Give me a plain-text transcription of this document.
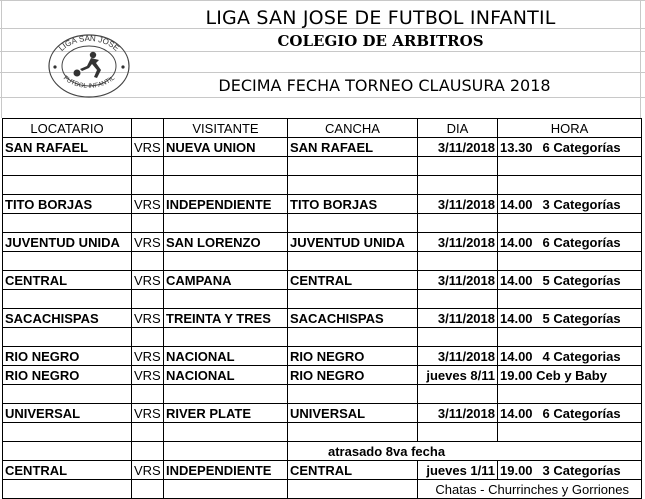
LIGA SAN JOSE DE FUTBOL INFANTIL
COLEGIO DE ARBITROS
DECIMA FECHA TORNEO CLAUSURA 2018
LIGA SAN JOSE
FUTBOL INFANTIL
LOCATARIO		VISITANTE	CANCHA	DIA	HORA
SAN RAFAEL	VRS	NUEVA UNION	SAN RAFAEL	3/11/2018	13.30 6 Categorías

TITO BORJAS	VRS	INDEPENDIENTE	TITO BORJAS	3/11/2018	14.00 3 Categorías

JUVENTUD UNIDA	VRS	SAN LORENZO	JUVENTUD UNIDA	3/11/2018	14.00 6 Categorías

CENTRAL	VRS	CAMPANA	CENTRAL	3/11/2018	14.00 5 Categorías

SACACHISPAS	VRS	TREINTA Y TRES	SACACHISPAS	3/11/2018	14.00 5 Categorías

RIO NEGRO	VRS	NACIONAL	RIO NEGRO	3/11/2018	14.00 4 Categorias
RIO NEGRO	VRS	NACIONAL	RIO NEGRO	jueves 8/11	19.00 Ceb y Baby

UNIVERSAL	VRS	RIVER PLATE	UNIVERSAL	3/11/2018	14.00 6 Categorías

			atrasado 8va fecha		
CENTRAL	VRS	INDEPENDIENTE	CENTRAL	jueves 1/11	19.00 3 Categorías
				Chatas - Churrinches y Gorriones	
